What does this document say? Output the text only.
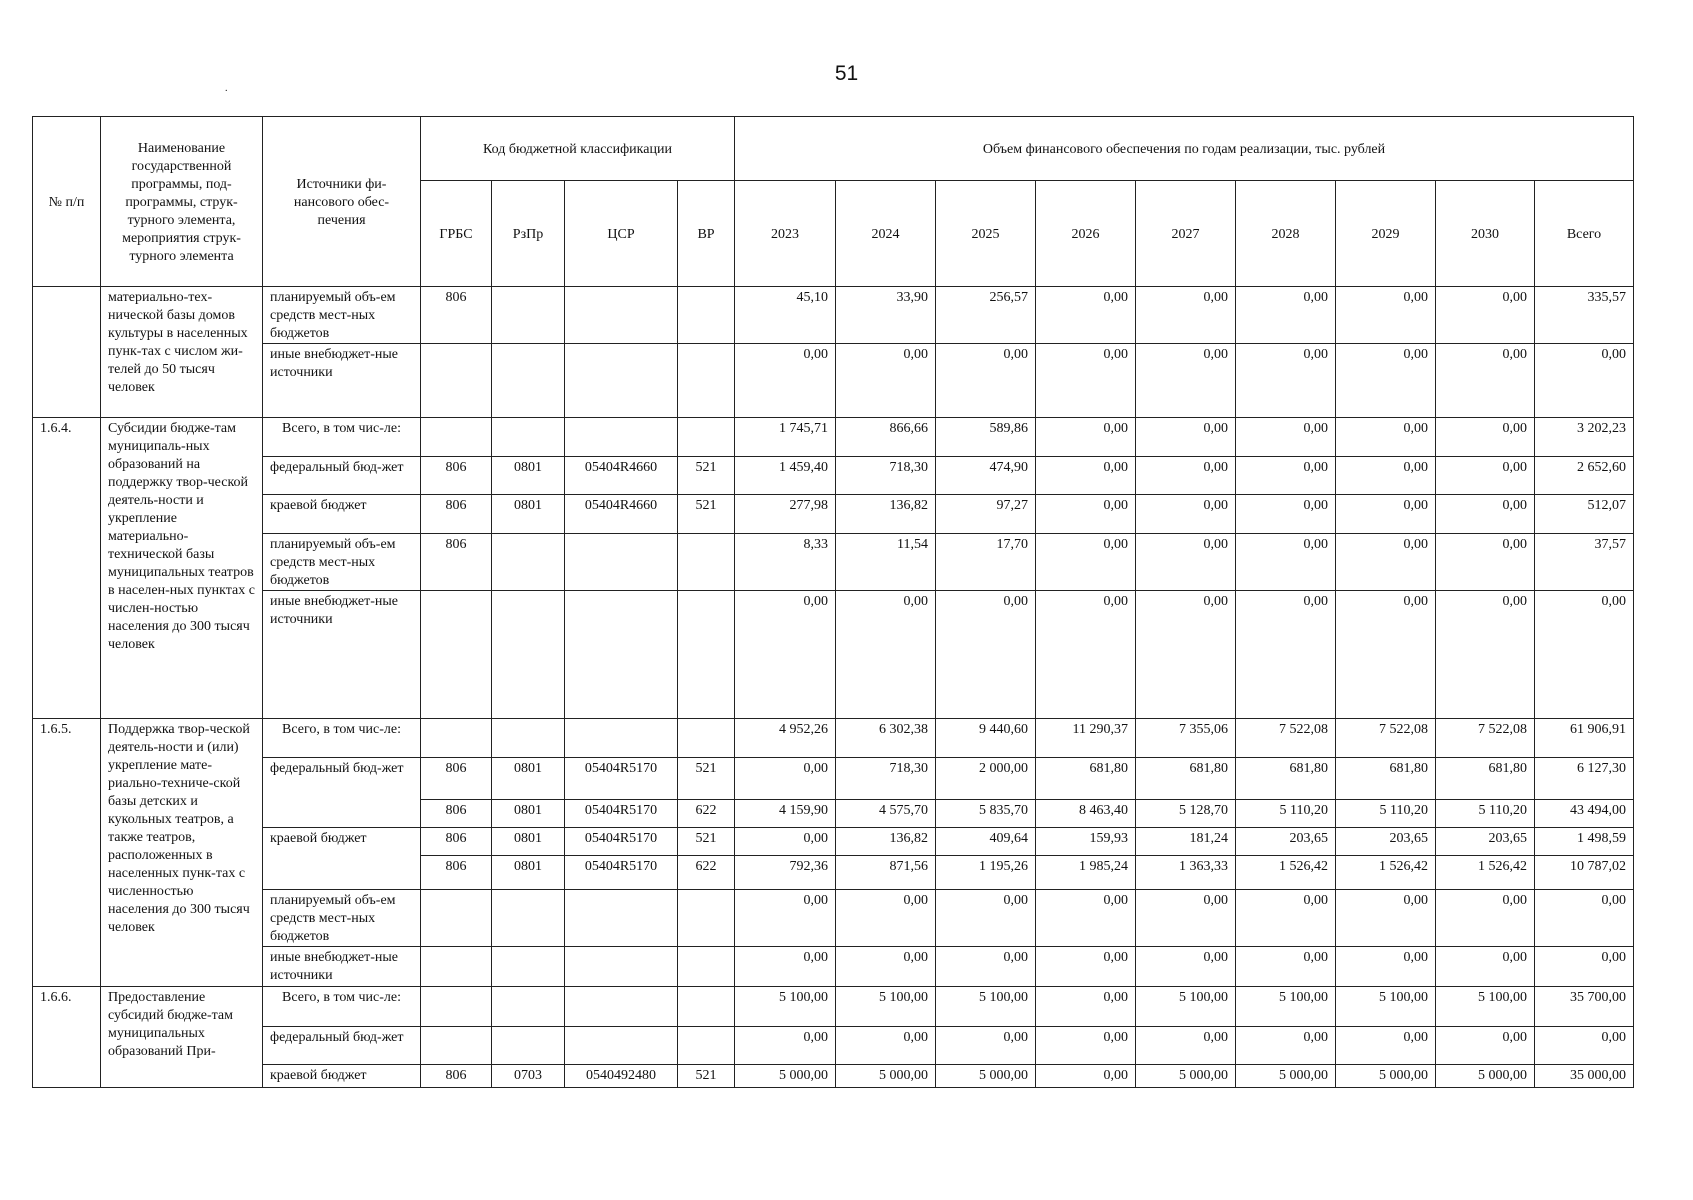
51
.
№ п/п	Наименование государственной программы, под-программы, струк-турного элемента, мероприятия струк-турного элемента	Источники фи-нансового обес-печения	Код бюджетной классификации				Объем финансового обеспечения по годам реализации, тыс. рублей								
			ГРБС	РзПр	ЦСР	ВР	2023	2024	2025	2026	2027	2028	2029	2030	Всего
	материально-тех-нической базы домов культуры в населенных пунк-тах с числом жи-телей до 50 тысяч человек	планируемый объ-ем средств мест-ных бюджетов	806				45,10	33,90	256,57	0,00	0,00	0,00	0,00	0,00	335,57
		иные внебюджет-ные источники					0,00	0,00	0,00	0,00	0,00	0,00	0,00	0,00	0,00
1.6.4.	Субсидии бюдже-там муниципаль-ных образований на поддержку твор-ческой деятель-ности и укрепление материально-технической базы муниципальных театров в населен-ных пунктах с числен-ностью населения до 300 тысяч человек	Всего, в том чис-ле:					1 745,71	866,66	589,86	0,00	0,00	0,00	0,00	0,00	3 202,23
		федеральный бюд-жет	806	0801	05404R4660	521	1 459,40	718,30	474,90	0,00	0,00	0,00	0,00	0,00	2 652,60
		краевой бюджет	806	0801	05404R4660	521	277,98	136,82	97,27	0,00	0,00	0,00	0,00	0,00	512,07
		планируемый объ-ем средств мест-ных бюджетов	806				8,33	11,54	17,70	0,00	0,00	0,00	0,00	0,00	37,57
		иные внебюджет-ные источники					0,00	0,00	0,00	0,00	0,00	0,00	0,00	0,00	0,00
1.6.5.	Поддержка твор-ческой деятель-ности и (или) укрепление мате-риально-техниче-ской базы детских и кукольных театров, а также театров, расположенных в населенных пунк-тах с численностью населения до 300 тысяч человек	Всего, в том чис-ле:					4 952,26	6 302,38	9 440,60	11 290,37	7 355,06	7 522,08	7 522,08	7 522,08	61 906,91
		федеральный бюд-жет	806	0801	05404R5170	521	0,00	718,30	2 000,00	681,80	681,80	681,80	681,80	681,80	6 127,30
			806	0801	05404R5170	622	4 159,90	4 575,70	5 835,70	8 463,40	5 128,70	5 110,20	5 110,20	5 110,20	43 494,00
		краевой бюджет	806	0801	05404R5170	521	0,00	136,82	409,64	159,93	181,24	203,65	203,65	203,65	1 498,59
			806	0801	05404R5170	622	792,36	871,56	1 195,26	1 985,24	1 363,33	1 526,42	1 526,42	1 526,42	10 787,02
		планируемый объ-ем средств мест-ных бюджетов					0,00	0,00	0,00	0,00	0,00	0,00	0,00	0,00	0,00
		иные внебюджет-ные источники					0,00	0,00	0,00	0,00	0,00	0,00	0,00	0,00	0,00
1.6.6.	Предоставление субсидий бюдже-там муниципальных образований При-	Всего, в том чис-ле:					5 100,00	5 100,00	5 100,00	0,00	5 100,00	5 100,00	5 100,00	5 100,00	35 700,00
		федеральный бюд-жет					0,00	0,00	0,00	0,00	0,00	0,00	0,00	0,00	0,00
		краевой бюджет	806	0703	0540492480	521	5 000,00	5 000,00	5 000,00	0,00	5 000,00	5 000,00	5 000,00	5 000,00	35 000,00
